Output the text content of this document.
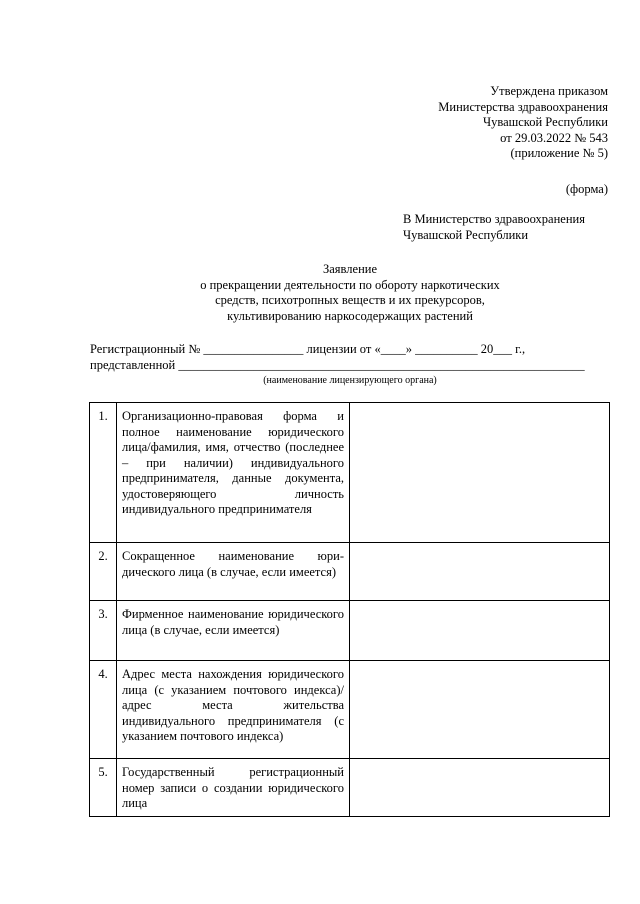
Утверждена приказом
Министерства здравоохранения
Чувашской Республики
от 29.03.2022 № 543
(приложение № 5)
(форма)
В Министерство здравоохранения
Чувашской Республики
Заявление
о прекращении деятельности по обороту наркотических
средств, психотропных веществ и их прекурсоров,
культивированию наркосодержащих растений
Регистрационный № ________________ лицензии от «____» __________ 20___ г.,
представленной _________________________________________________________________
(наименование лицензирующего органа)
1.	Организационно-правовая форма и полное наименование юридического лица/фамилия, имя, отчество (последнее – при наличии) индивидуального предпринимателя, данные документа, удостоверяющего личность индивидуального предпринимателя	
2.	Сокращенное наименование юридического лица (в случае, если имеется)	
3.	Фирменное наименование юридического лица (в случае, если имеется)	
4.	Адрес места нахождения юридического лица (с указанием почтового индекса)/адрес места жительства индивидуального предпринимателя (с указанием почтового индекса)	
5.	Государственный регистрационный номер записи о создании юридического лица	
